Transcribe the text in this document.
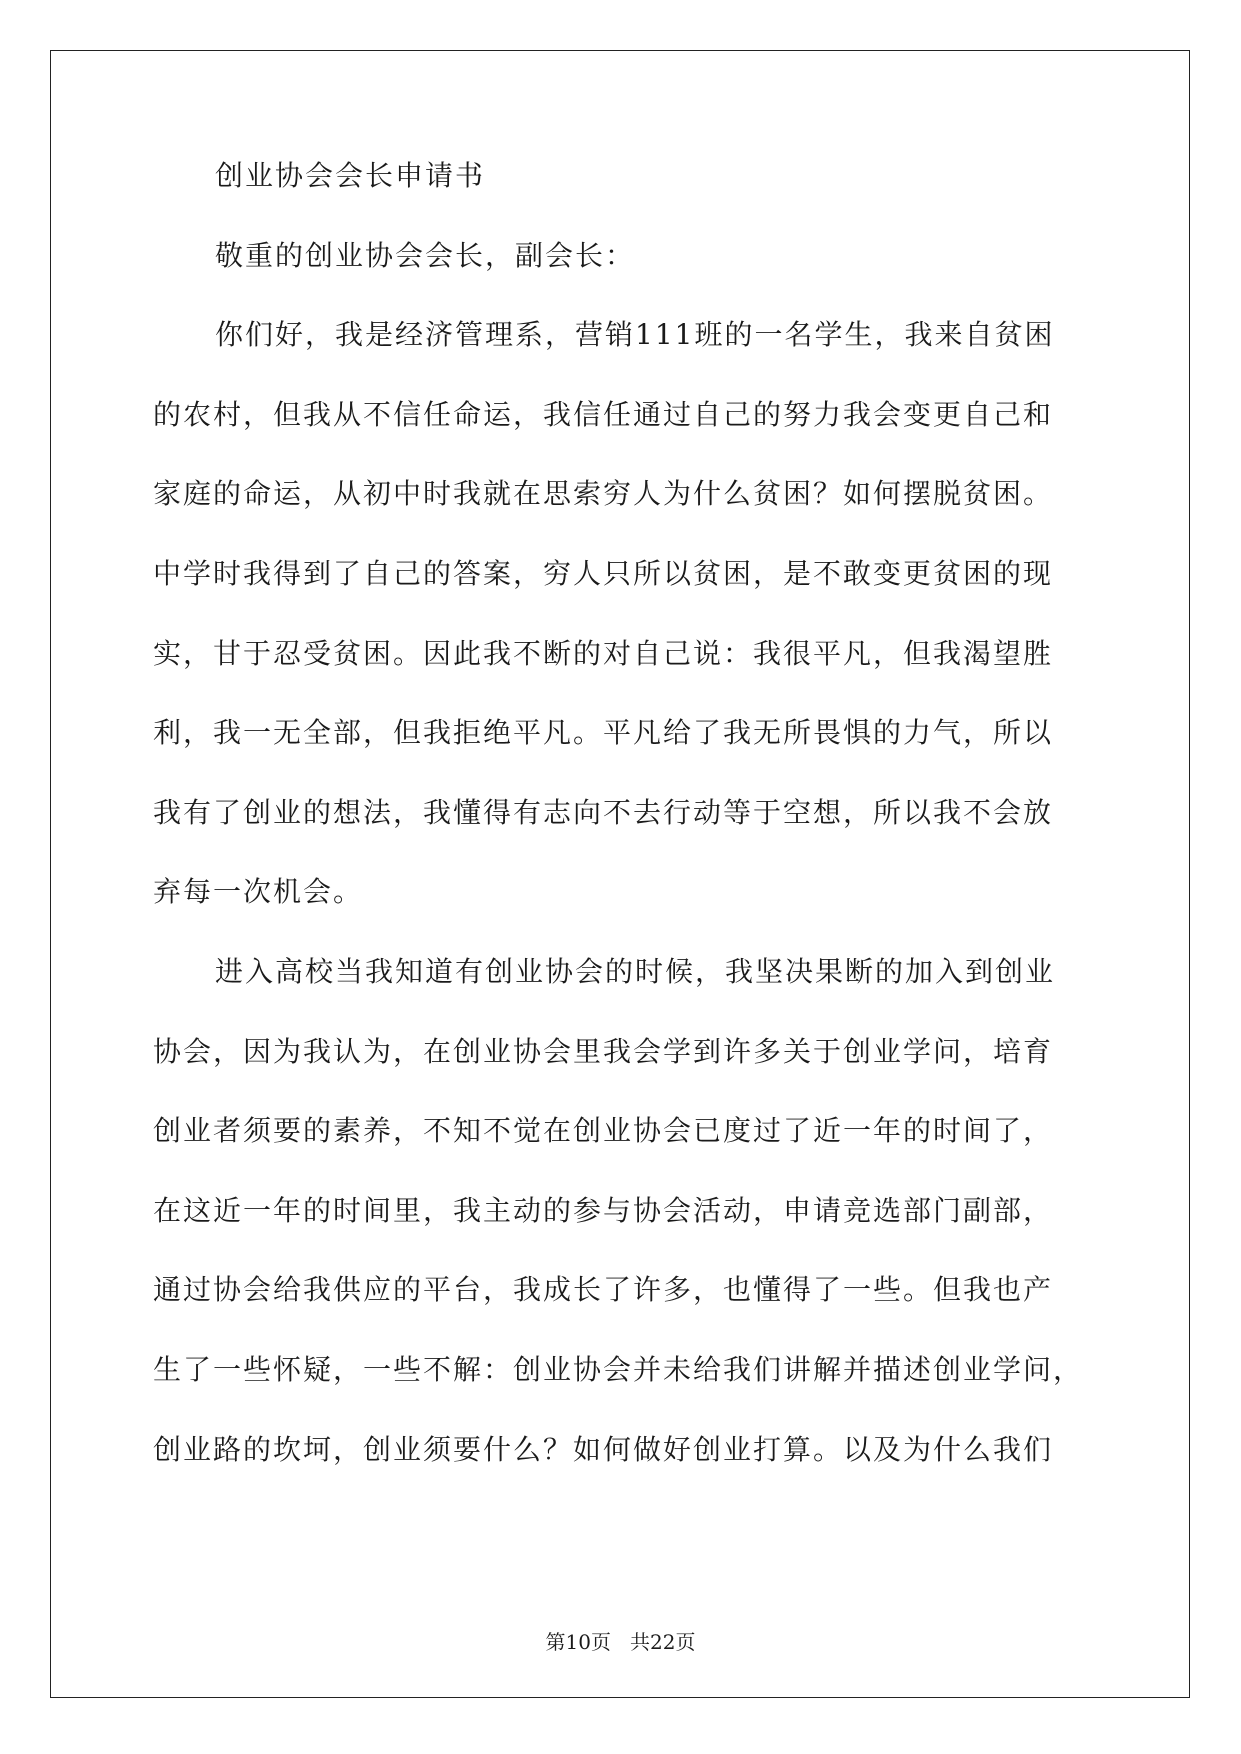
创业协会会长申请书
敬重的创业协会会长，副会长：
你们好，我是经济管理系，营销111班的一名学生，我来自贫困
的农村，但我从不信任命运，我信任通过自己的努力我会变更自己和
家庭的命运，从初中时我就在思索穷人为什么贫困？如何摆脱贫困。
中学时我得到了自己的答案，穷人只所以贫困，是不敢变更贫困的现
实，甘于忍受贫困。因此我不断的对自己说：我很平凡，但我渴望胜
利，我一无全部，但我拒绝平凡。平凡给了我无所畏惧的力气，所以
我有了创业的想法，我懂得有志向不去行动等于空想，所以我不会放
弃每一次机会。
进入高校当我知道有创业协会的时候，我坚决果断的加入到创业
协会，因为我认为，在创业协会里我会学到许多关于创业学问，培育
创业者须要的素养，不知不觉在创业协会已度过了近一年的时间了，
在这近一年的时间里，我主动的参与协会活动，申请竞选部门副部，
通过协会给我供应的平台，我成长了许多，也懂得了一些。但我也产
生了一些怀疑，一些不解：创业协会并未给我们讲解并描述创业学问，
创业路的坎坷，创业须要什么？如何做好创业打算。以及为什么我们
第10页   共22页
